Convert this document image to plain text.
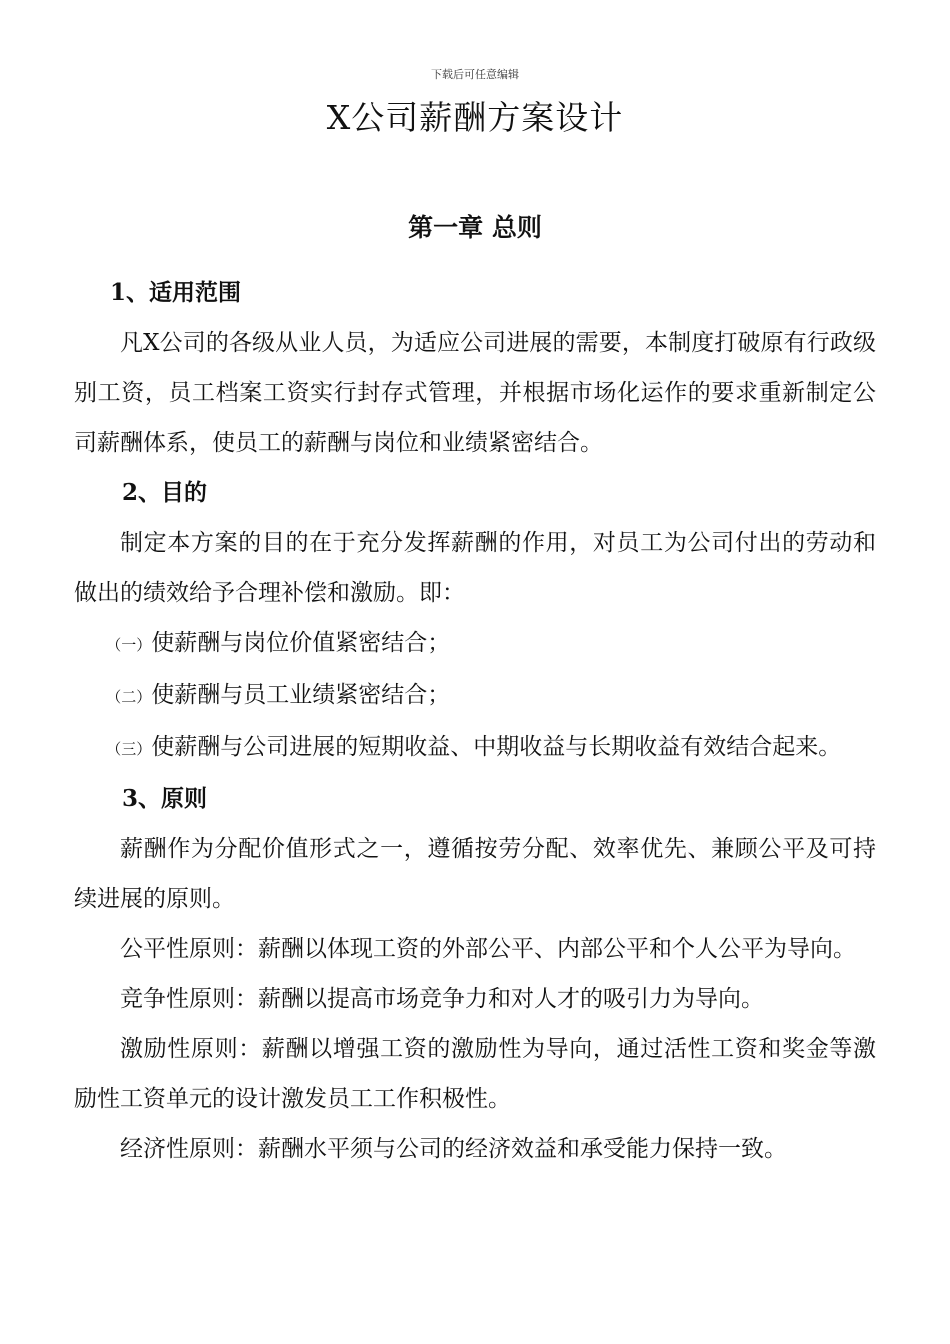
下载后可任意编辑
X公司薪酬方案设计
第一章 总则

1、适用范围

凡X公司的各级从业人员，为适应公司进展的需要，本制度打破原有行政级别工资，员工档案工资实行封存式管理，并根据市场化运作的要求重新制定公司薪酬体系，使员工的薪酬与岗位和业绩紧密结合。

2、目的

制定本方案的目的在于充分发挥薪酬的作用，对员工为公司付出的劳动和做出的绩效给予合理补偿和激励。即：

（一）使薪酬与岗位价值紧密结合；

（二）使薪酬与员工业绩紧密结合；

（三）使薪酬与公司进展的短期收益、中期收益与长期收益有效结合起来。

3、原则

薪酬作为分配价值形式之一，遵循按劳分配、效率优先、兼顾公平及可持续进展的原则。

公平性原则：薪酬以体现工资的外部公平、内部公平和个人公平为导向。

竞争性原则：薪酬以提高市场竞争力和对人才的吸引力为导向。

激励性原则：薪酬以增强工资的激励性为导向，通过活性工资和奖金等激励性工资单元的设计激发员工工作积极性。

经济性原则：薪酬水平须与公司的经济效益和承受能力保持一致。
